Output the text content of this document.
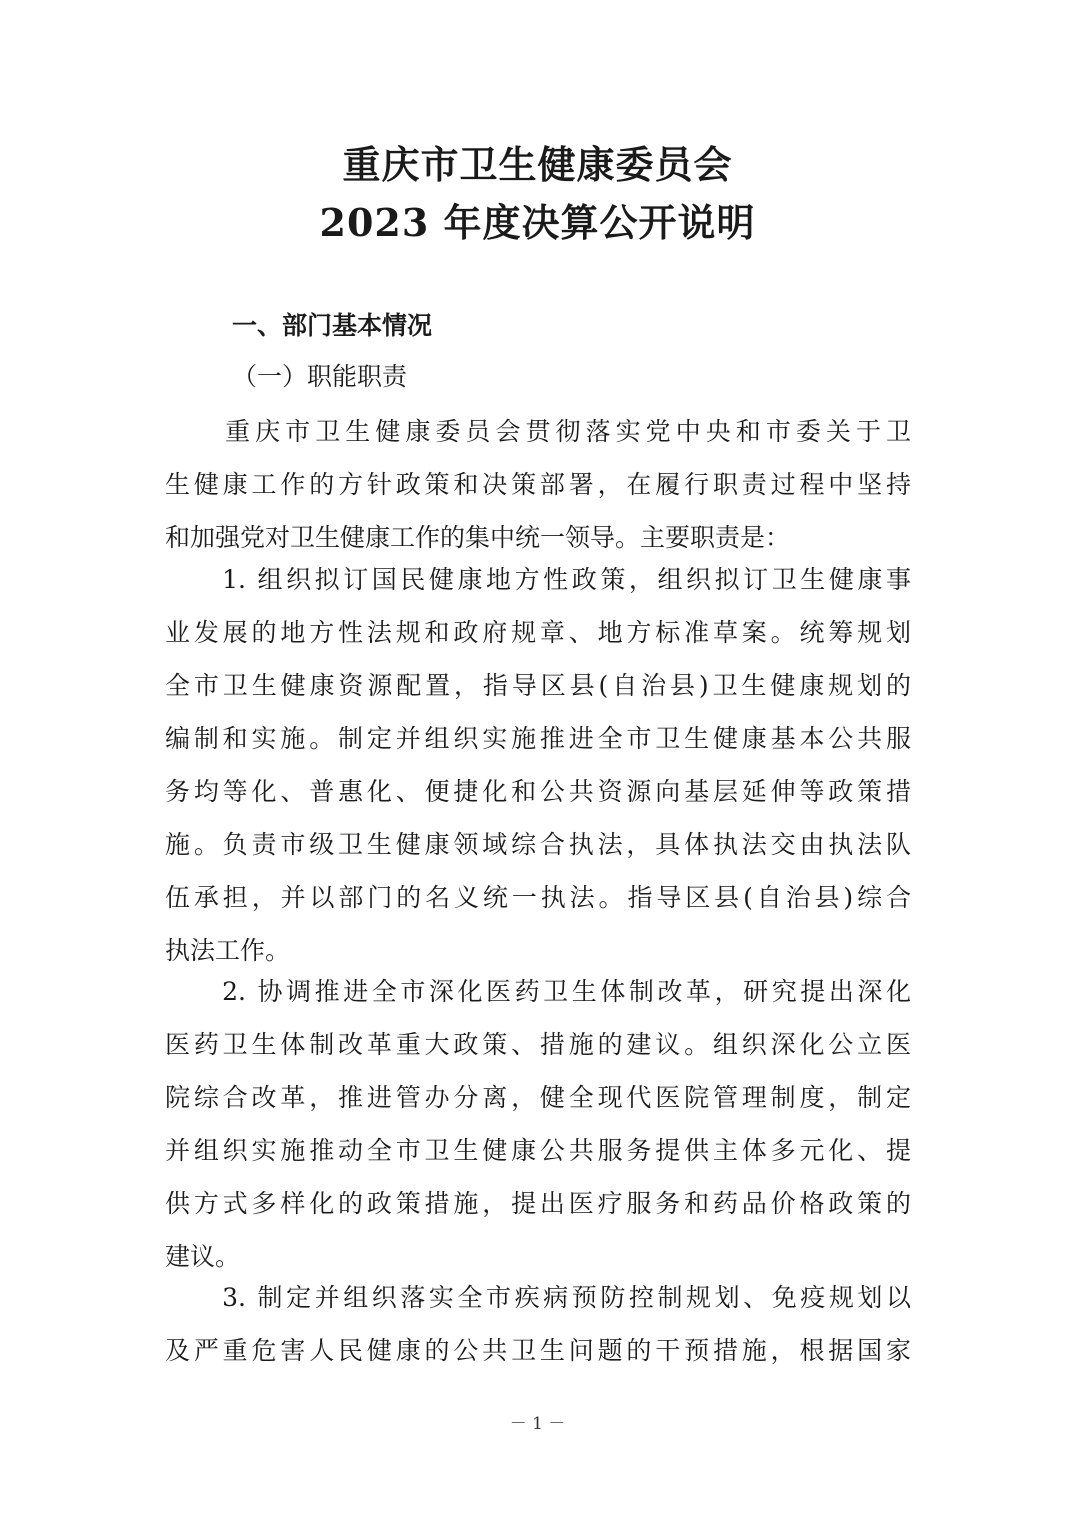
重庆市卫生健康委员会
2023 年度决算公开说明
一、部门基本情况
（一）职能职责
　　重庆市卫生健康委员会贯彻落实党中央和市委关于卫
生健康工作的方针政策和决策部署，在履行职责过程中坚持
和加强党对卫生健康工作的集中统一领导。主要职责是：
　　1. 组织拟订国民健康地方性政策，组织拟订卫生健康事
业发展的地方性法规和政府规章、地方标准草案。统筹规划
全市卫生健康资源配置，指导区县(自治县)卫生健康规划的
编制和实施。制定并组织实施推进全市卫生健康基本公共服
务均等化、普惠化、便捷化和公共资源向基层延伸等政策措
施。负责市级卫生健康领域综合执法，具体执法交由执法队
伍承担，并以部门的名义统一执法。指导区县(自治县)综合
执法工作。
　　2. 协调推进全市深化医药卫生体制改革，研究提出深化
医药卫生体制改革重大政策、措施的建议。组织深化公立医
院综合改革，推进管办分离，健全现代医院管理制度，制定
并组织实施推动全市卫生健康公共服务提供主体多元化、提
供方式多样化的政策措施，提出医疗服务和药品价格政策的
建议。
　　3. 制定并组织落实全市疾病预防控制规划、免疫规划以
及严重危害人民健康的公共卫生问题的干预措施，根据国家
－ 1 －
